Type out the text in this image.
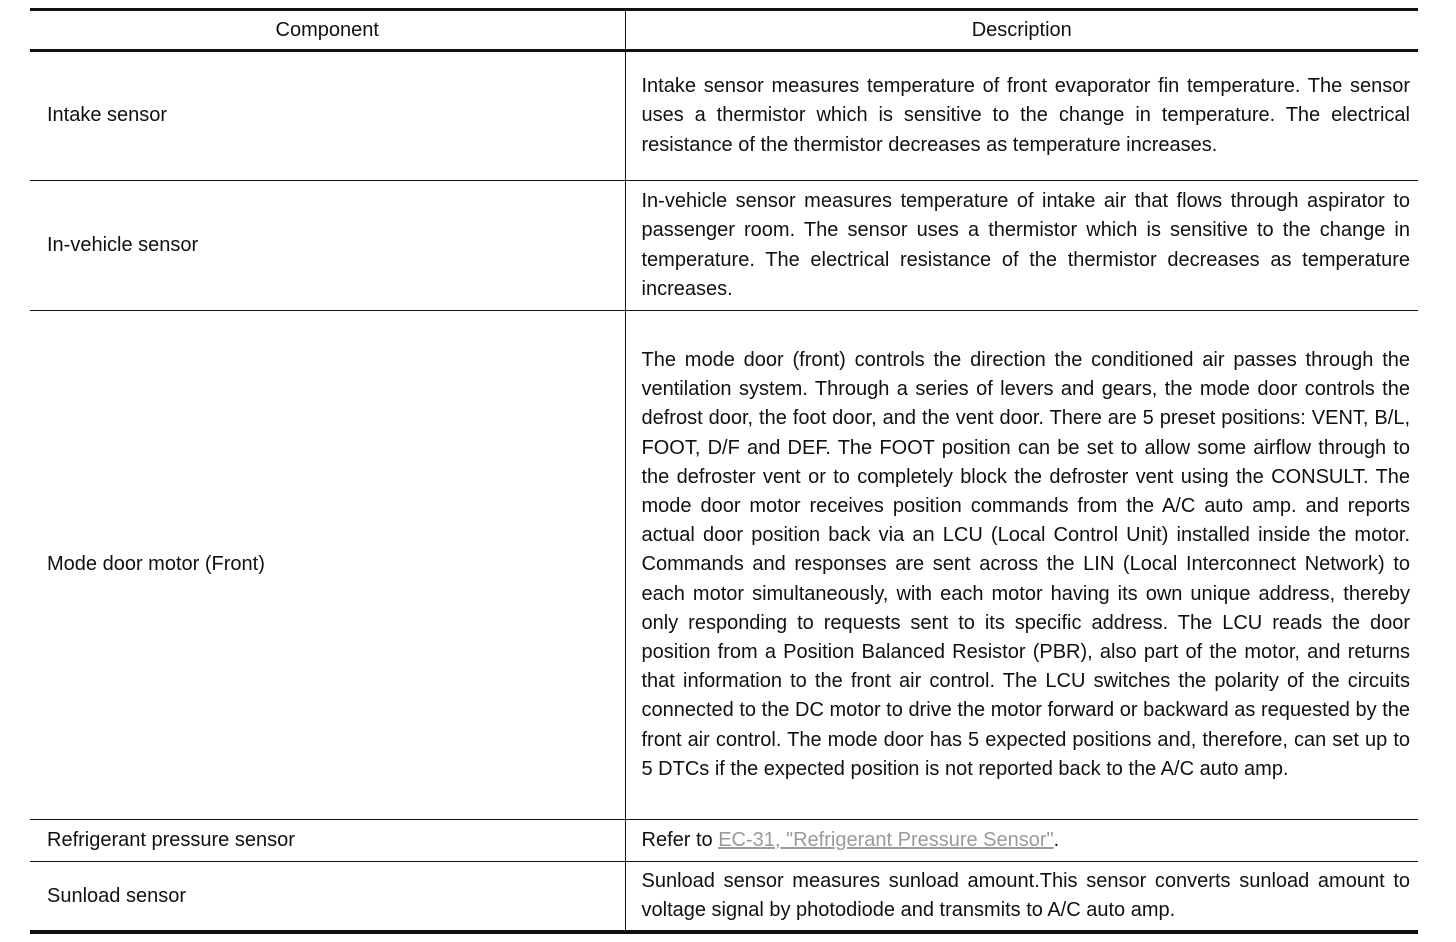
Component	Description
Intake sensor	Intake sensor measures temperature of front evaporator fin temperature. The sensor uses a thermistor which is sensitive to the change in temperature. The electrical resistance of the thermistor decreases as temperature increases.
In-vehicle sensor	In-vehicle sensor measures temperature of intake air that flows through aspirator to passenger room. The sensor uses a thermistor which is sensitive to the change in temperature. The electrical resistance of the thermistor decreases as temperature increases.
Mode door motor (Front)	The mode door (front) controls the direction the conditioned air passes through the ventilation system. Through a series of levers and gears, the mode door controls the defrost door, the foot door, and the vent door. There are 5 preset positions: VENT, B/L, FOOT, D/F and DEF. The FOOT position can be set to allow some airflow through to the defroster vent or to completely block the defroster vent using the CONSULT. The mode door motor receives position commands from the A/C auto amp. and reports actual door position back via an LCU (Local Control Unit) installed inside the motor. Commands and responses are sent across the LIN (Local Interconnect Network) to each motor simultaneously, with each motor having its own unique address, thereby only responding to requests sent to its specific address. The LCU reads the door position from a Position Balanced Resistor (PBR), also part of the motor, and returns that information to the front air control. The LCU switches the polarity of the circuits connected to the DC motor to drive the motor forward or backward as requested by the front air control. The mode door has 5 expected positions and, therefore, can set up to 5 DTCs if the expected position is not reported back to the A/C auto amp.
Refrigerant pressure sensor	Refer to EC-31, "Refrigerant Pressure Sensor".
Sunload sensor	Sunload sensor measures sunload amount.This sensor converts sunload amount to voltage signal by photodiode and transmits to A/C auto amp.
